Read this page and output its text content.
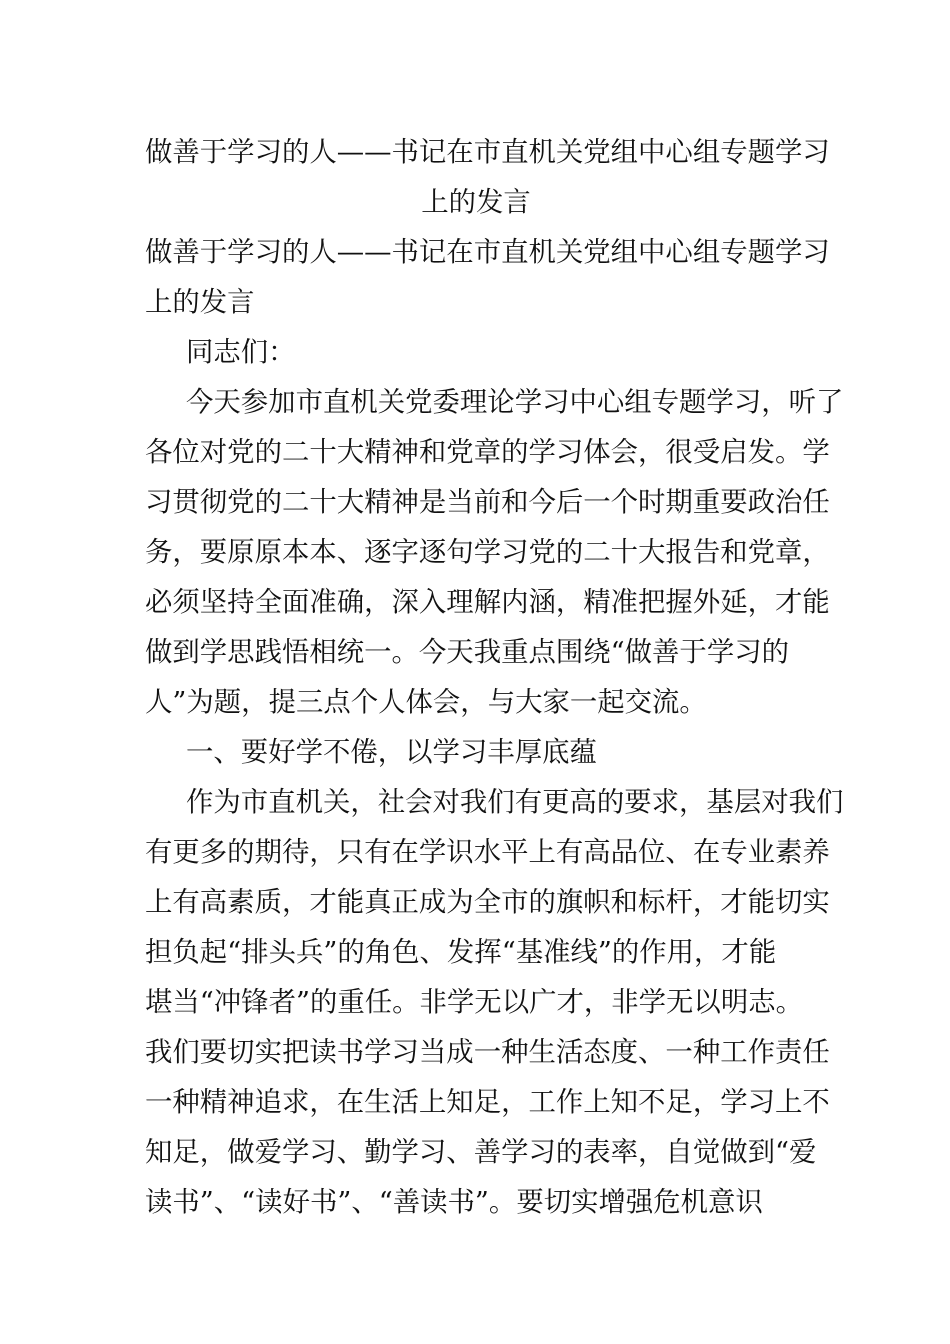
做善于学习的人——书记在市直机关党组中心组专题学习
上的发言
做善于学习的人——书记在市直机关党组中心组专题学习
上的发言
同志们：
今天参加市直机关党委理论学习中心组专题学习，听了
各位对党的二十大精神和党章的学习体会，很受启发。学
习贯彻党的二十大精神是当前和今后一个时期重要政治任
务，要原原本本、逐字逐句学习党的二十大报告和党章，
必须坚持全面准确，深入理解内涵，精准把握外延，才能
做到学思践悟相统一。今天我重点围绕“做善于学习的
人”为题，提三点个人体会，与大家一起交流。
一、要好学不倦，以学习丰厚底蕴
作为市直机关，社会对我们有更高的要求，基层对我们
有更多的期待，只有在学识水平上有高品位、在专业素养
上有高素质，才能真正成为全市的旗帜和标杆，才能切实
担负起“排头兵”的角色、发挥“基准线”的作用，才能
堪当“冲锋者”的重任。非学无以广才，非学无以明志。
我们要切实把读书学习当成一种生活态度、一种工作责任
一种精神追求，在生活上知足，工作上知不足，学习上不
知足，做爱学习、勤学习、善学习的表率，自觉做到“爱
读书”、“读好书”、“善读书”。要切实增强危机意识
